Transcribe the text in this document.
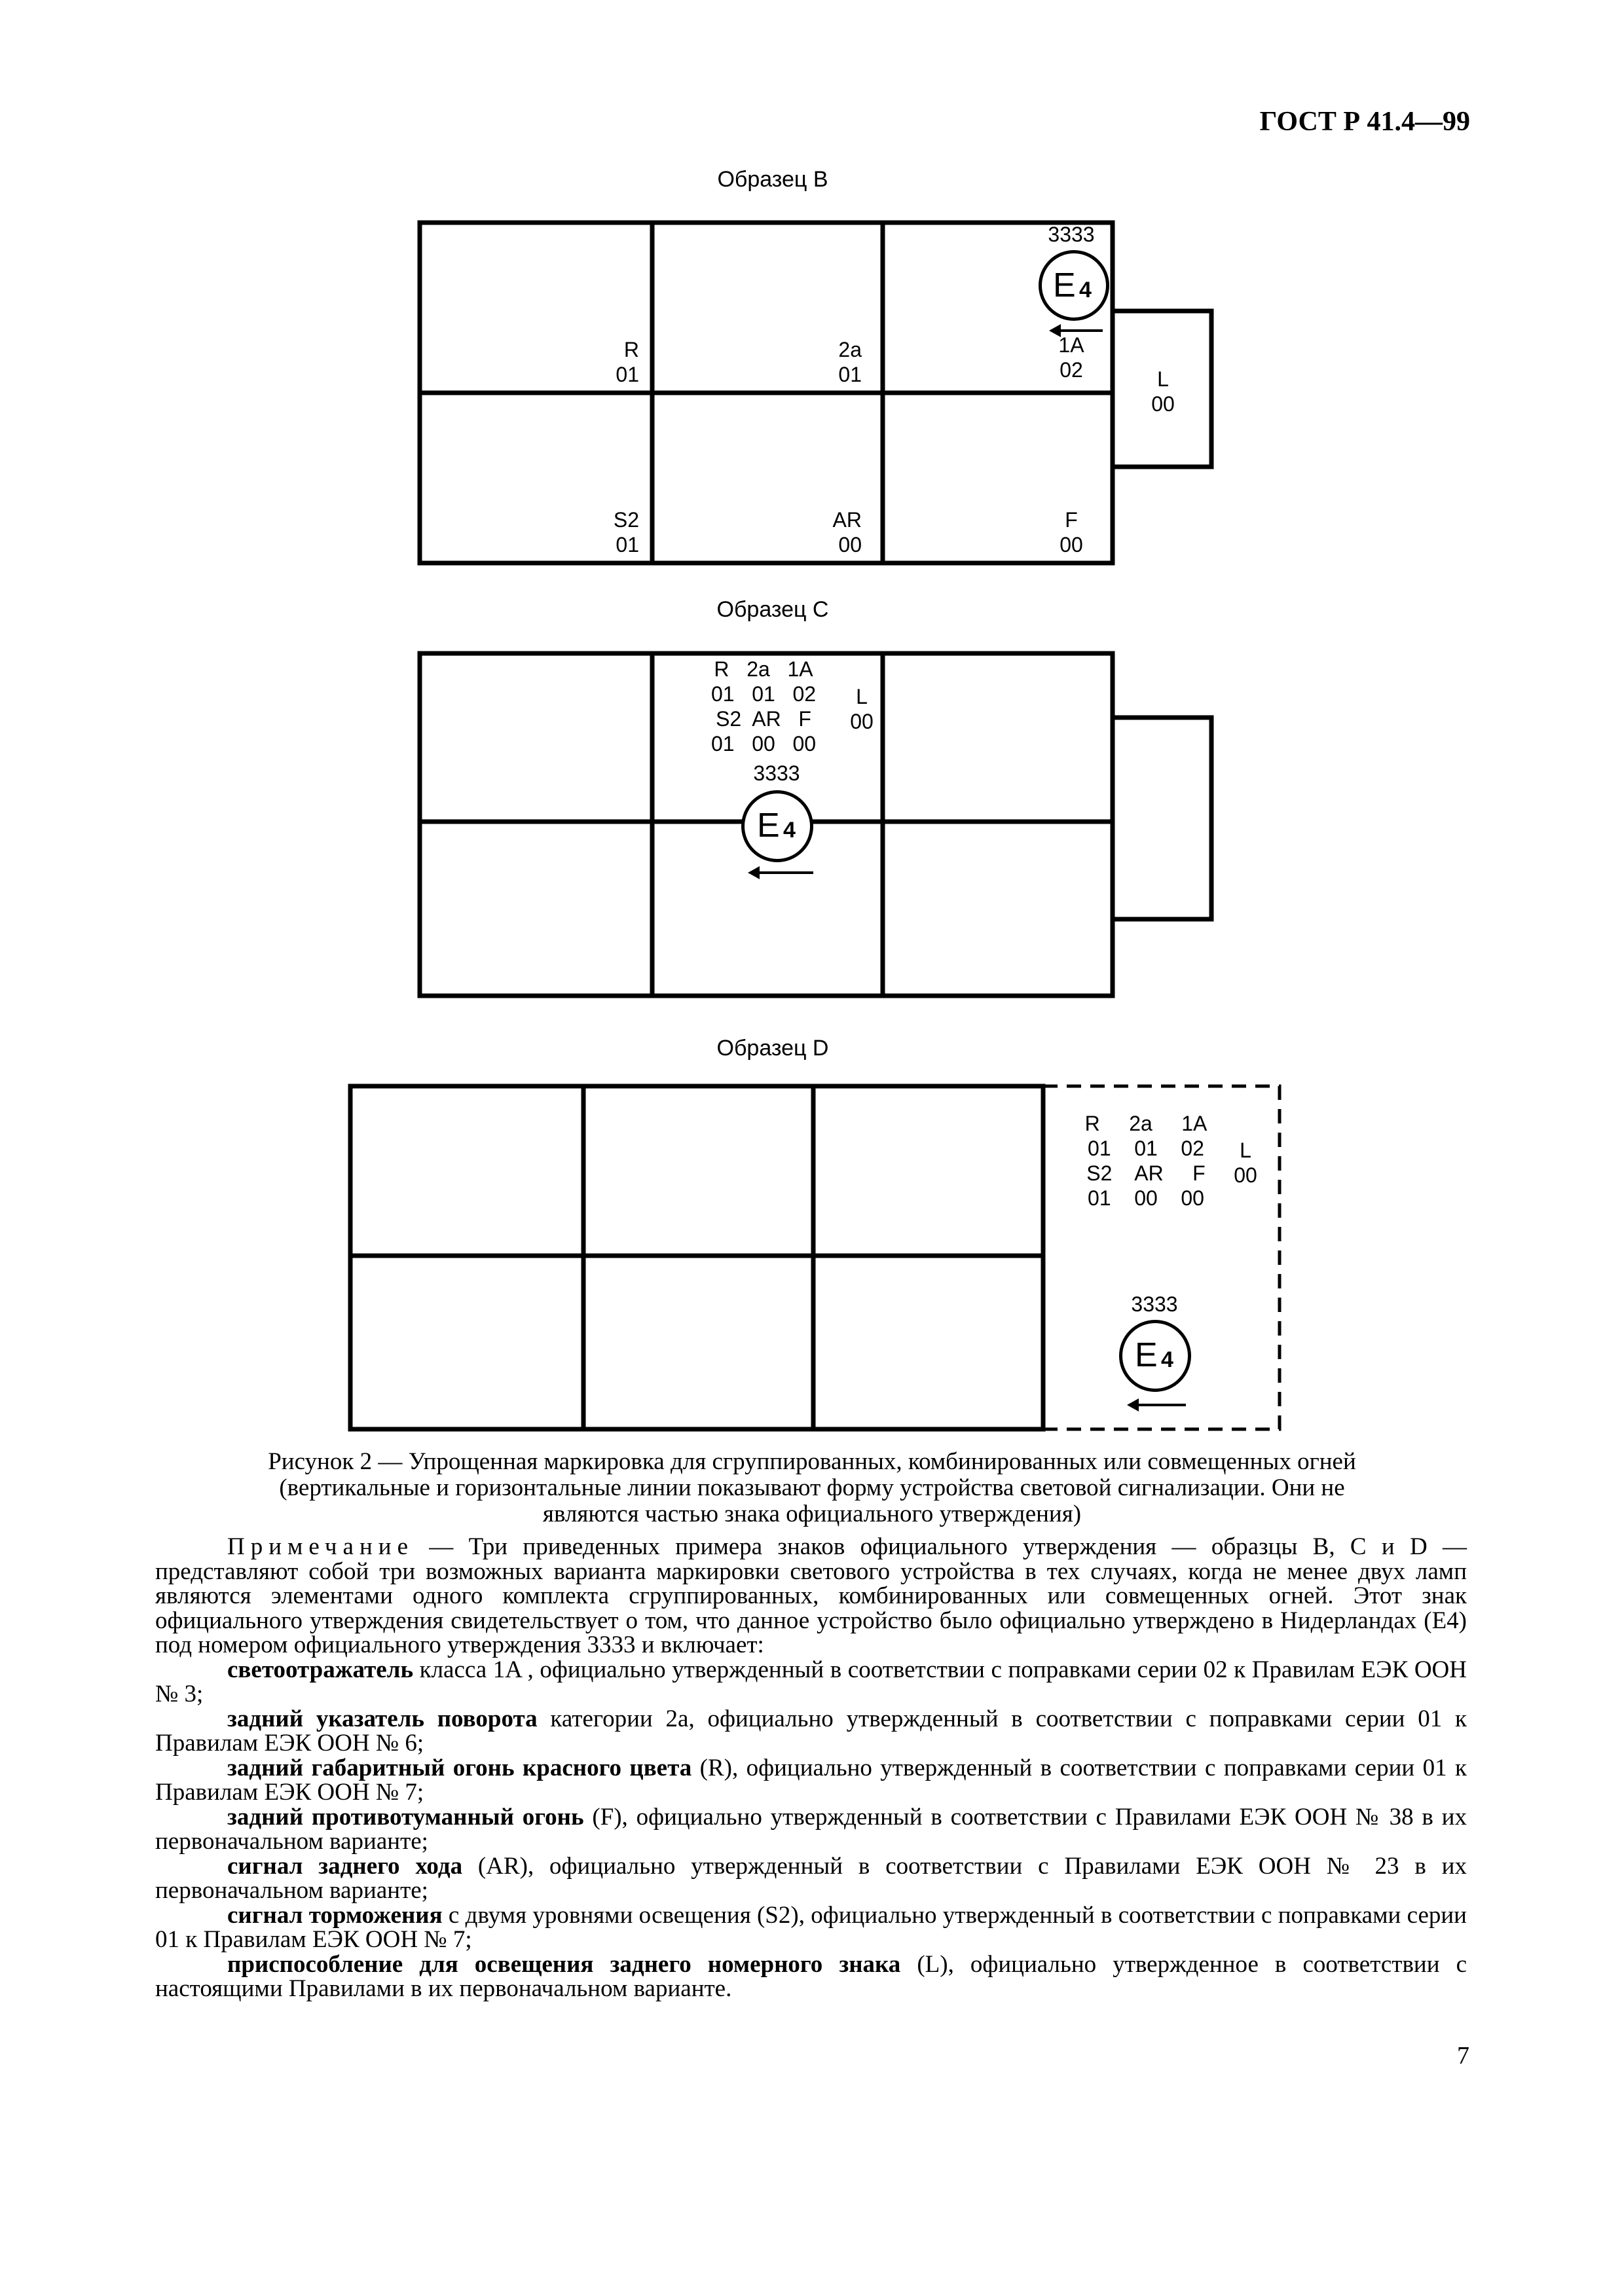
ГОСТ Р 41.4—99
Образец B
R
01
2a
01
1A
02
S2
01
AR
00
F
00
L
00
3333
E 4
Образец C
R   2a   1A
01   01   02
S2  AR   F
01   00   00
L
00
3333
E 4
Образец D
R     2a     1A
01    01    02
S2    AR     F
01    00    00
L
00
3333
E 4
Рисунок 2 — Упрощенная маркировка для сгруппированных, комбинированных или совмещенных огней
(вертикальные и горизонтальные линии показывают форму устройства световой сигнализации. Они не
являются частью знака официального утверждения)

Примечание — Три приведенных примера знаков официального утверждения — образцы B, C и D — представляют собой три возможных варианта маркировки светового устройства в тех случаях, когда не менее двух ламп являются элементами одного комплекта сгруппированных, комбинированных или совмещенных огней. Этот знак официального утверждения свидетельствует о том, что данное устройство было официально утверждено в Нидерландах (E4) под номером официального утверждения 3333 и включает:

светоотражатель класса 1A , официально утвержденный в соответствии с поправками серии 02 к Правилам ЕЭК ООН № 3;

задний указатель поворота категории 2а, официально утвержденный в соответствии с поправками серии 01 к Правилам ЕЭК ООН № 6;

задний габаритный огонь красного цвета (R), официально утвержденный в соответствии с поправками серии 01 к Правилам ЕЭК ООН № 7;

задний противотуманный огонь (F), официально утвержденный в соответствии с Правилами ЕЭК ООН № 38 в их первоначальном варианте;

сигнал заднего хода (AR), официально утвержденный в соответствии с Правилами ЕЭК ООН № 23 в их первоначальном варианте;

сигнал торможения с двумя уровнями освещения (S2), официально утвержденный в соответствии с поправками серии 01 к Правилам ЕЭК ООН № 7;

приспособление для освещения заднего номерного знака (L), официально утвержденное в соответствии с настоящими Правилами в их первоначальном варианте.

7
